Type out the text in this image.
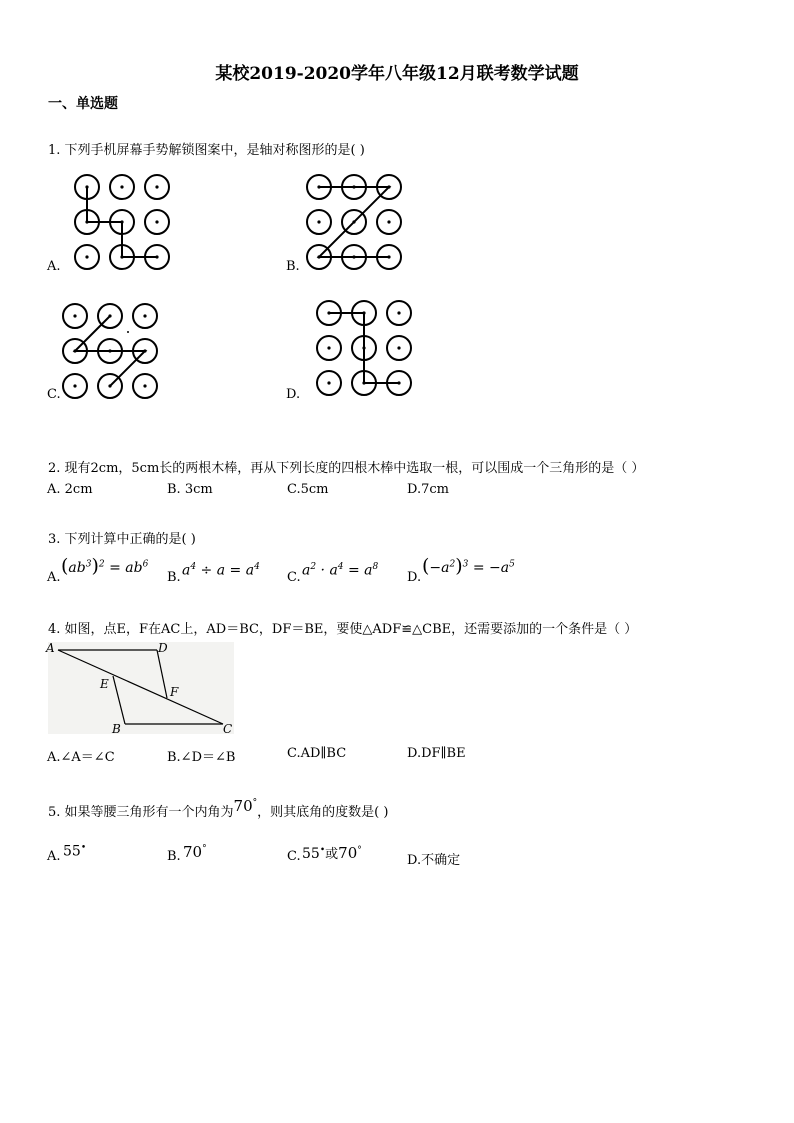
某校2019-2020学年八年级12月联考数学试题
一、单选题
1. 下列手机屏幕手势解锁图案中，是轴对称图形的是( )
A.	B.
C.	D.
2. 现有2cm，5cm长的两根木棒，再从下列长度的四根木棒中选取一根，可以围成一个三角形的是（ ）
A. 2cm	B. 3cm	C.5cm	D.7cm
3. 下列计算中正确的是( )
A.
$(ab^3)^2 = ab^6$
B. $a^4 \div a = a^4$
C. $a^2 \cdot a^4 = a^8$
D.
$(-a^2)^3 = -a^5$
4. 如图，点E，F在AC上，AD＝BC，DF＝BE，要使△ADF≌△CBE，还需要添加的一个条件是（ ）
A	D
E
F
B	C
A.∠A＝∠C	B.∠D＝∠B	C.AD∥BC	D.DF∥BE
5. 如果等腰三角形有一个内角为70°，则其底角的度数是( )
A. 55•
B. 70°	C. 55•或70°
D.不确定
